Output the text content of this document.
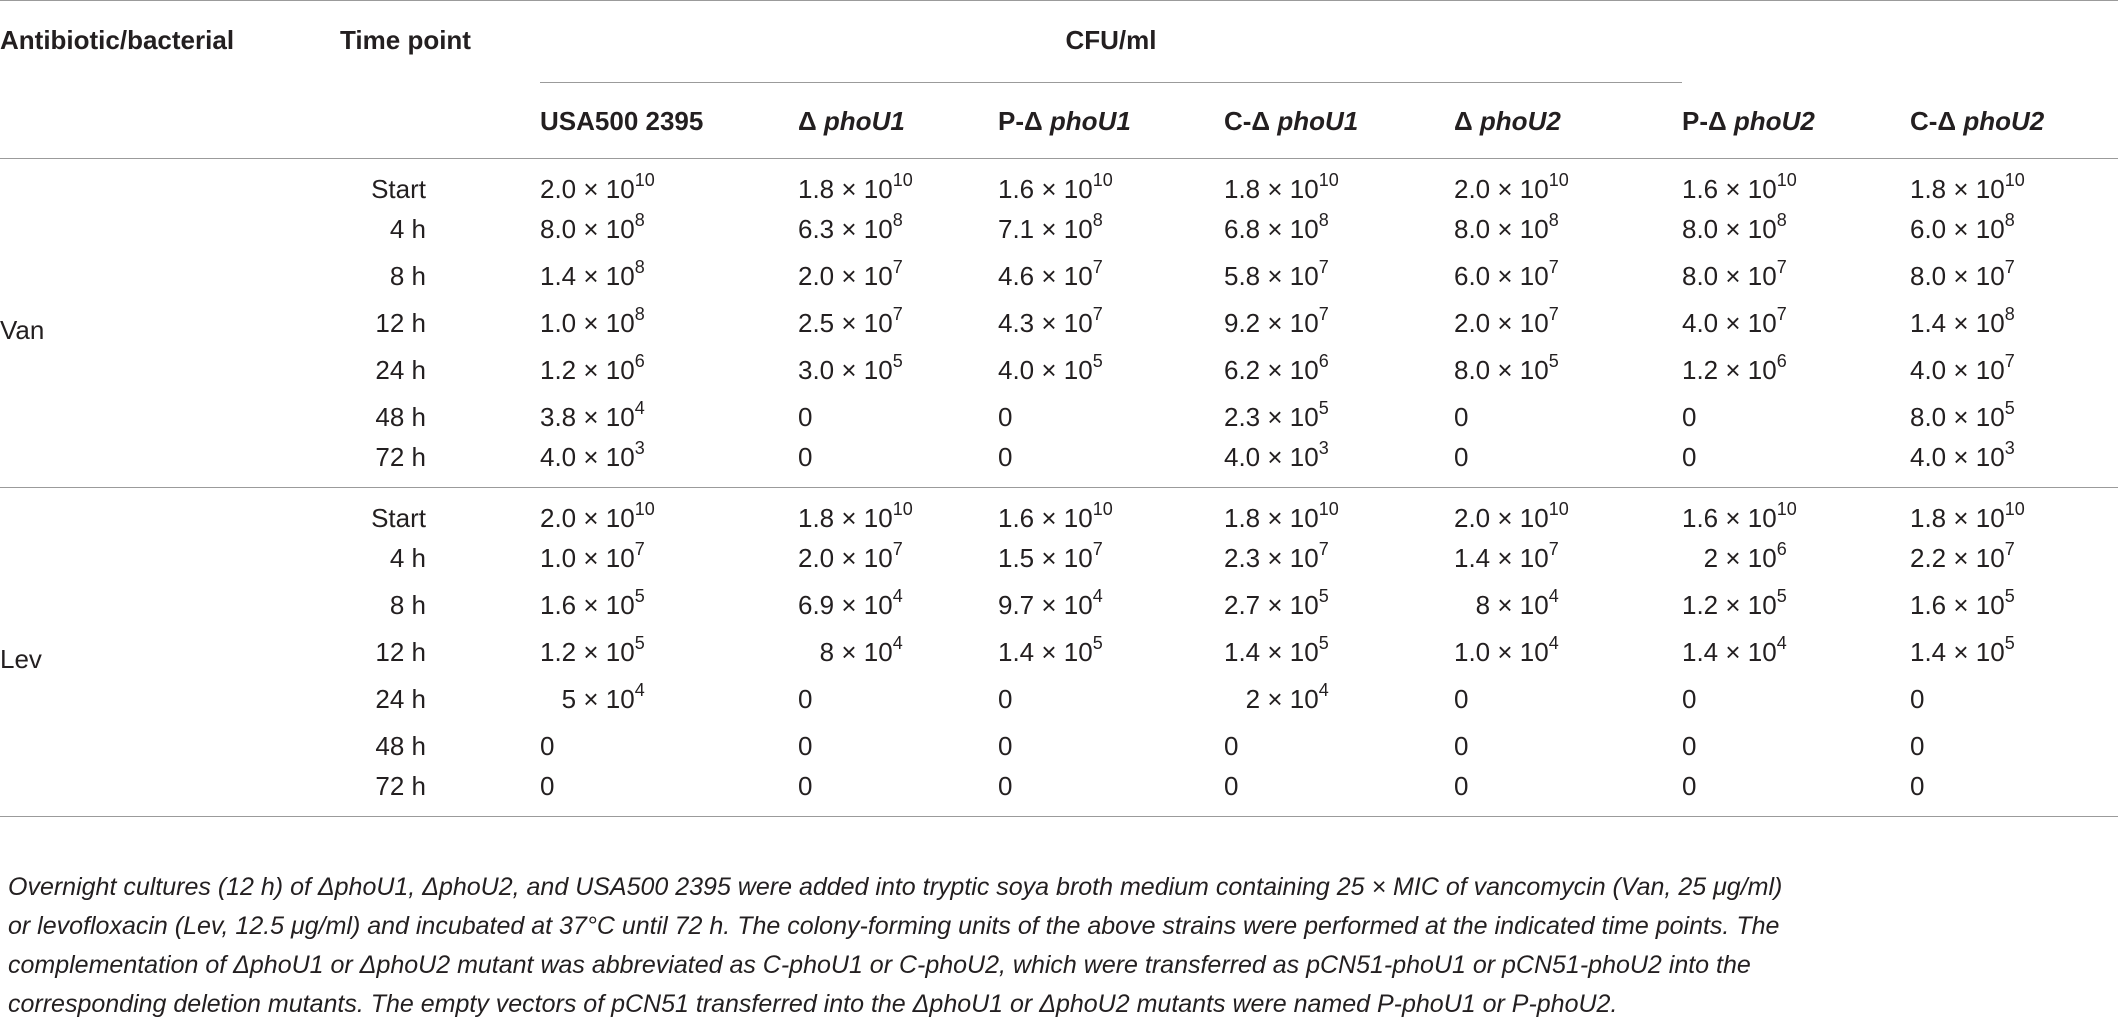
Antibiotic/bacterial	Time point	CFU/ml						
		USA500 2395	Δ phoU1	P-Δ phoU1	C-Δ phoU1	Δ phoU2	P-Δ phoU2	C-Δ phoU2
Van	Start	$2.0 \times 10^{10}$	$1.8 \times 10^{10}$	$1.6 \times 10^{10}$	$1.8 \times 10^{10}$	$2.0 \times 10^{10}$	$1.6 \times 10^{10}$	$1.8 \times 10^{10}$
	4 h	$8.0 \times 10^8$	$6.3 \times 10^8$	$7.1 \times 10^8$	$6.8 \times 10^8$	$8.0 \times 10^8$	$8.0 \times 10^8$	$6.0 \times 10^8$
	8 h	$1.4 \times 10^8$	$2.0 \times 10^7$	$4.6 \times 10^7$	$5.8 \times 10^7$	$6.0 \times 10^7$	$8.0 \times 10^7$	$8.0 \times 10^7$
	12 h	$1.0 \times 10^8$	$2.5 \times 10^7$	$4.3 \times 10^7$	$9.2 \times 10^7$	$2.0 \times 10^7$	$4.0 \times 10^7$	$1.4 \times 10^8$
	24 h	$1.2 \times 10^6$	$3.0 \times 10^5$	$4.0 \times 10^5$	$6.2 \times 10^6$	$8.0 \times 10^5$	$1.2 \times 10^6$	$4.0 \times 10^7$
	48 h	$3.8 \times 10^4$	0	0	$2.3 \times 10^5$	0	0	$8.0 \times 10^5$
	72 h	$4.0 \times 10^3$	0	0	$4.0 \times 10^3$	0	0	$4.0 \times 10^3$
Lev	Start	$2.0 \times 10^{10}$	$1.8 \times 10^{10}$	$1.6 \times 10^{10}$	$1.8 \times 10^{10}$	$2.0 \times 10^{10}$	$1.6 \times 10^{10}$	$1.8 \times 10^{10}$
	4 h	$1.0 \times 10^7$	$2.0 \times 10^7$	$1.5 \times 10^7$	$2.3 \times 10^7$	$1.4 \times 10^7$	$2 \times 10^6$	$2.2 \times 10^7$
	8 h	$1.6 \times 10^5$	$6.9 \times 10^4$	$9.7 \times 10^4$	$2.7 \times 10^5$	$8 \times 10^4$	$1.2 \times 10^5$	$1.6 \times 10^5$
	12 h	$1.2 \times 10^5$	$8 \times 10^4$	$1.4 \times 10^5$	$1.4 \times 10^5$	$1.0 \times 10^4$	$1.4 \times 10^4$	$1.4 \times 10^5$
	24 h	$5 \times 10^4$	0	0	$2 \times 10^4$	0	0	0
	48 h	0	0	0	0	0	0	0
	72 h	0	0	0	0	0	0	0
Overnight cultures (12 h) of ΔphoU1, ΔphoU2, and USA500 2395 were added into tryptic soya broth medium containing 25 × MIC of vancomycin (Van, 25 μg/ml)
or levofloxacin (Lev, 12.5 μg/ml) and incubated at 37°C until 72 h. The colony-forming units of the above strains were performed at the indicated time points. The
complementation of ΔphoU1 or ΔphoU2 mutant was abbreviated as C-phoU1 or C-phoU2, which were transferred as pCN51-phoU1 or pCN51-phoU2 into the
corresponding deletion mutants. The empty vectors of pCN51 transferred into the ΔphoU1 or ΔphoU2 mutants were named P-phoU1 or P-phoU2.
